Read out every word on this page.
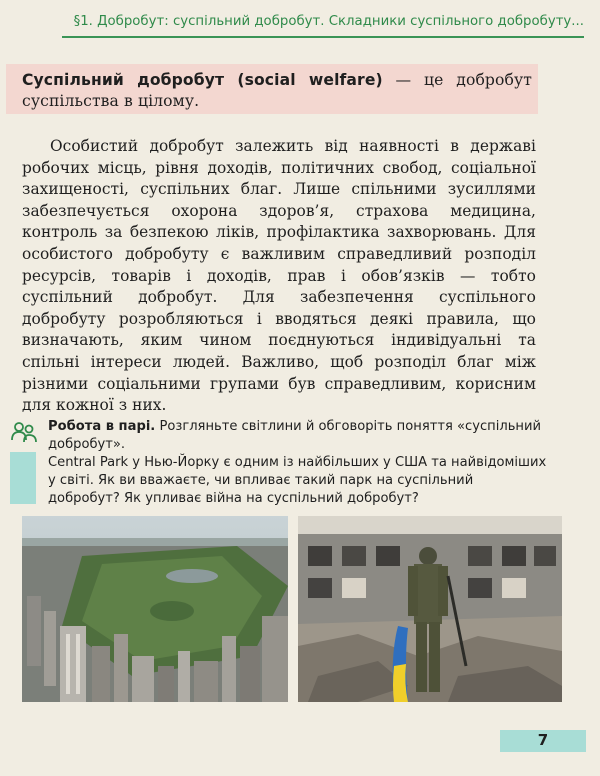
§1. Добробут: суспільний добробут. Складники суспільного добробуту...
Суспільний добробут (social welfare) — це добробут суспільства в цілому.
Особистий добробут залежить від наявності в державі робочих місць, рівня доходів, політичних свобод, соціальної захищеності, суспільних благ. Лише спільними зусиллями забезпечується охорона здоров’я, страхова медицина, контроль за безпекою ліків, профілактика захворювань. Для особистого добробуту є важливим справедливий розподіл ресурсів, товарів і доходів, прав і обов’язків — тобто суспільний добробут. Для забезпечення суспільного добробуту розробляються і вводяться деякі правила, що визначають, яким чином поєднуються індивідуальні та спільні інтереси людей. Важливо, щоб розподіл благ між різними соціальними групами був справедливим, корисним для кожної з них.
Робота в парі. Розгляньте світлини й обговоріть поняття «суспільний добробут».
Central Park у Нью-Йорку є одним із найбільших у США та найвідоміших у світі. Як ви вважаєте, чи впливає такий парк на суспільний добробут? Як упливає війна на суспільний добробут?
7
